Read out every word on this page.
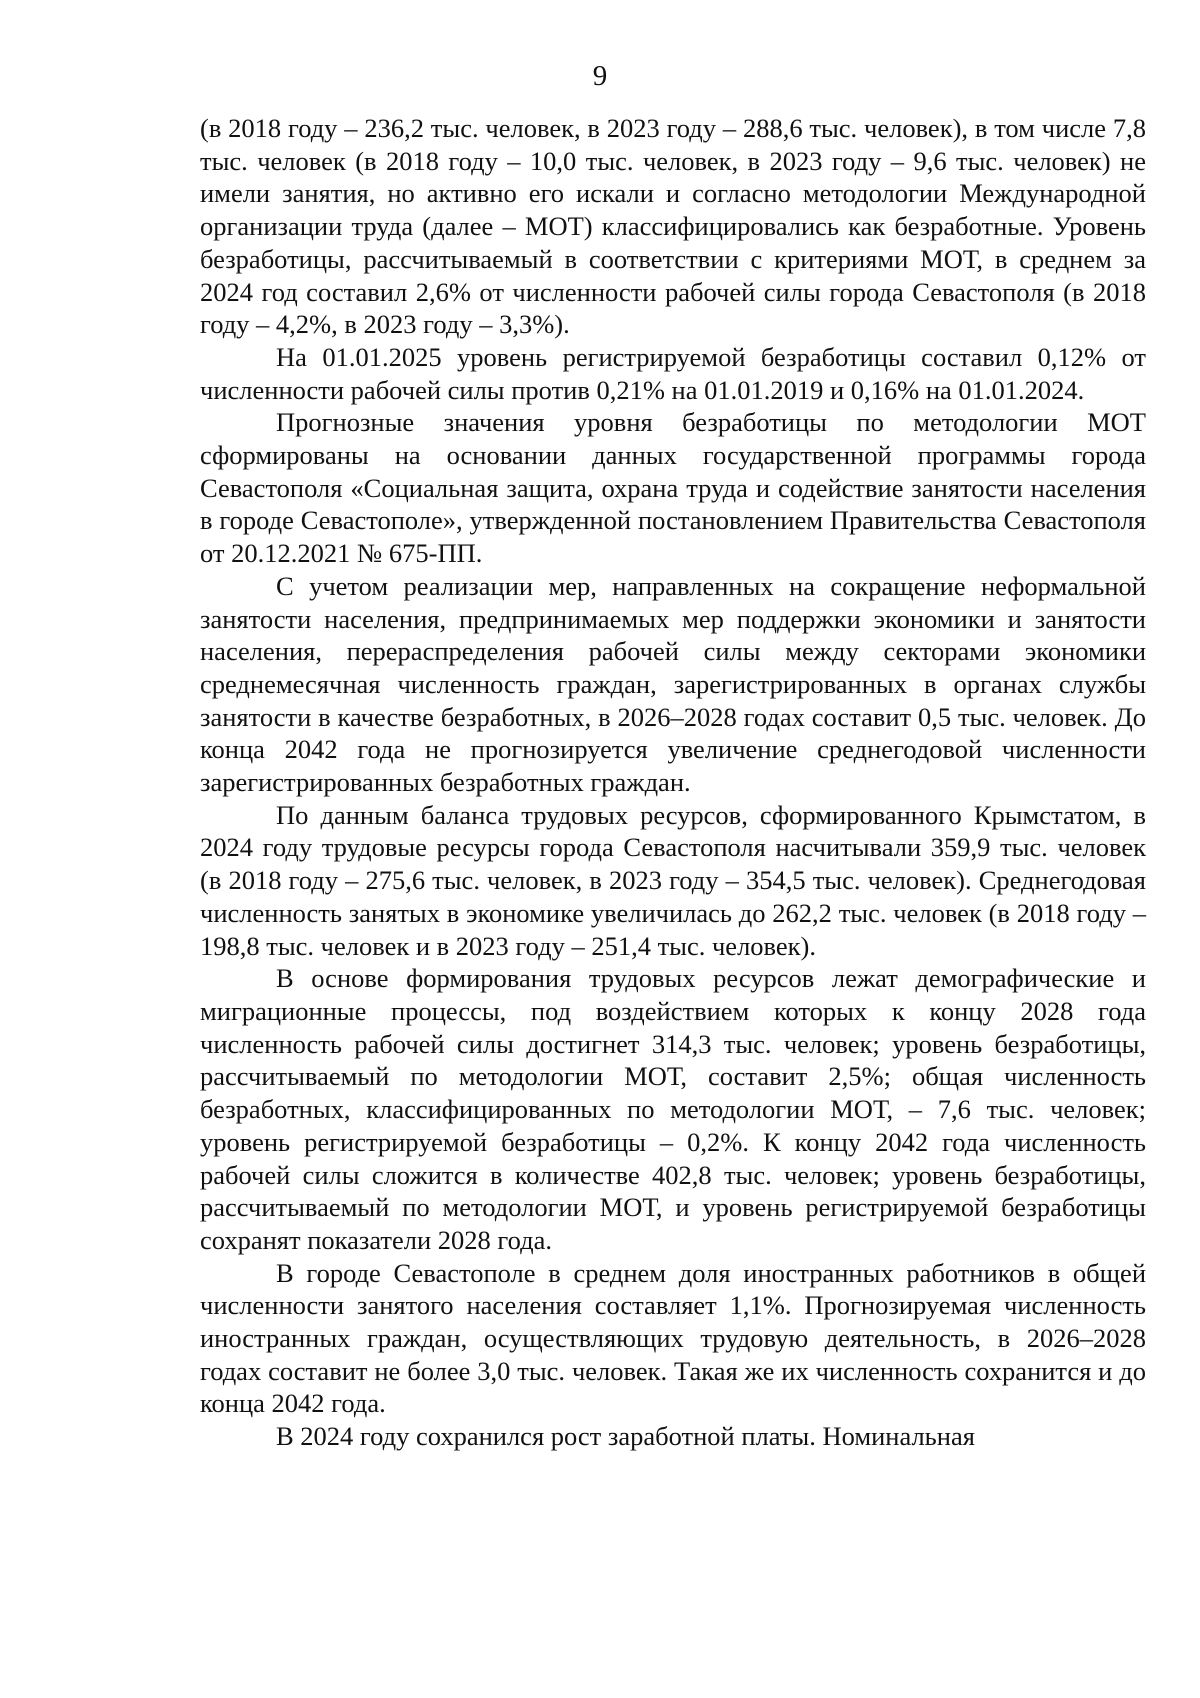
9

(в 2018 году – 236,2 тыс. человек, в 2023 году – 288,6 тыс. человек), в том числе 7,8 тыс. человек (в 2018 году – 10,0 тыс. человек, в 2023 году – 9,6 тыс. человек) не имели занятия, но активно его искали и согласно методологии Международной организации труда (далее – МОТ) классифицировались как безработные. Уровень безработицы, рассчитываемый в соответствии с критериями МОТ, в среднем за 2024 год составил 2,6% от численности рабочей силы города Севастополя (в 2018 году – 4,2%, в 2023 году – 3,3%).

На 01.01.2025 уровень регистрируемой безработицы составил 0,12% от численности рабочей силы против 0,21% на 01.01.2019 и 0,16% на 01.01.2024.

Прогнозные значения уровня безработицы по методологии МОТ сформированы на основании данных государственной программы города Севастополя «Социальная защита, охрана труда и содействие занятости населения в городе Севастополе», утвержденной постановлением Правительства Севастополя от 20.12.2021 № 675-ПП.

С учетом реализации мер, направленных на сокращение неформальной занятости населения, предпринимаемых мер поддержки экономики и занятости населения, перераспределения рабочей силы между секторами экономики среднемесячная численность граждан, зарегистрированных в органах службы занятости в качестве безработных, в 2026–2028 годах составит 0,5 тыс. человек. До конца 2042 года не прогнозируется увеличение среднегодовой численности зарегистрированных безработных граждан.

По данным баланса трудовых ресурсов, сформированного Крымстатом, в 2024 году трудовые ресурсы города Севастополя насчитывали 359,9 тыс. человек (в 2018 году – 275,6 тыс. человек, в 2023 году – 354,5 тыс. человек). Среднегодовая численность занятых в экономике увеличилась до 262,2 тыс. человек (в 2018 году – 198,8 тыс. человек и в 2023 году – 251,4 тыс. человек).

В основе формирования трудовых ресурсов лежат демографические и миграционные процессы, под воздействием которых к концу 2028 года численность рабочей силы достигнет 314,3 тыс. человек; уровень безработицы, рассчитываемый по методологии МОТ, составит 2,5%; общая численность безработных, классифицированных по методологии МОТ, – 7,6 тыс. человек; уровень регистрируемой безработицы – 0,2%. К концу 2042 года численность рабочей силы сложится в количестве 402,8 тыс. человек; уровень безработицы, рассчитываемый по методологии МОТ, и уровень регистрируемой безработицы сохранят показатели 2028 года.

В городе Севастополе в среднем доля иностранных работников в общей численности занятого населения составляет 1,1%. Прогнозируемая численность иностранных граждан, осуществляющих трудовую деятельность, в 2026–2028 годах составит не более 3,0 тыс. человек. Такая же их численность сохранится и до конца 2042 года.

В 2024 году сохранился рост заработной платы. Номинальная
